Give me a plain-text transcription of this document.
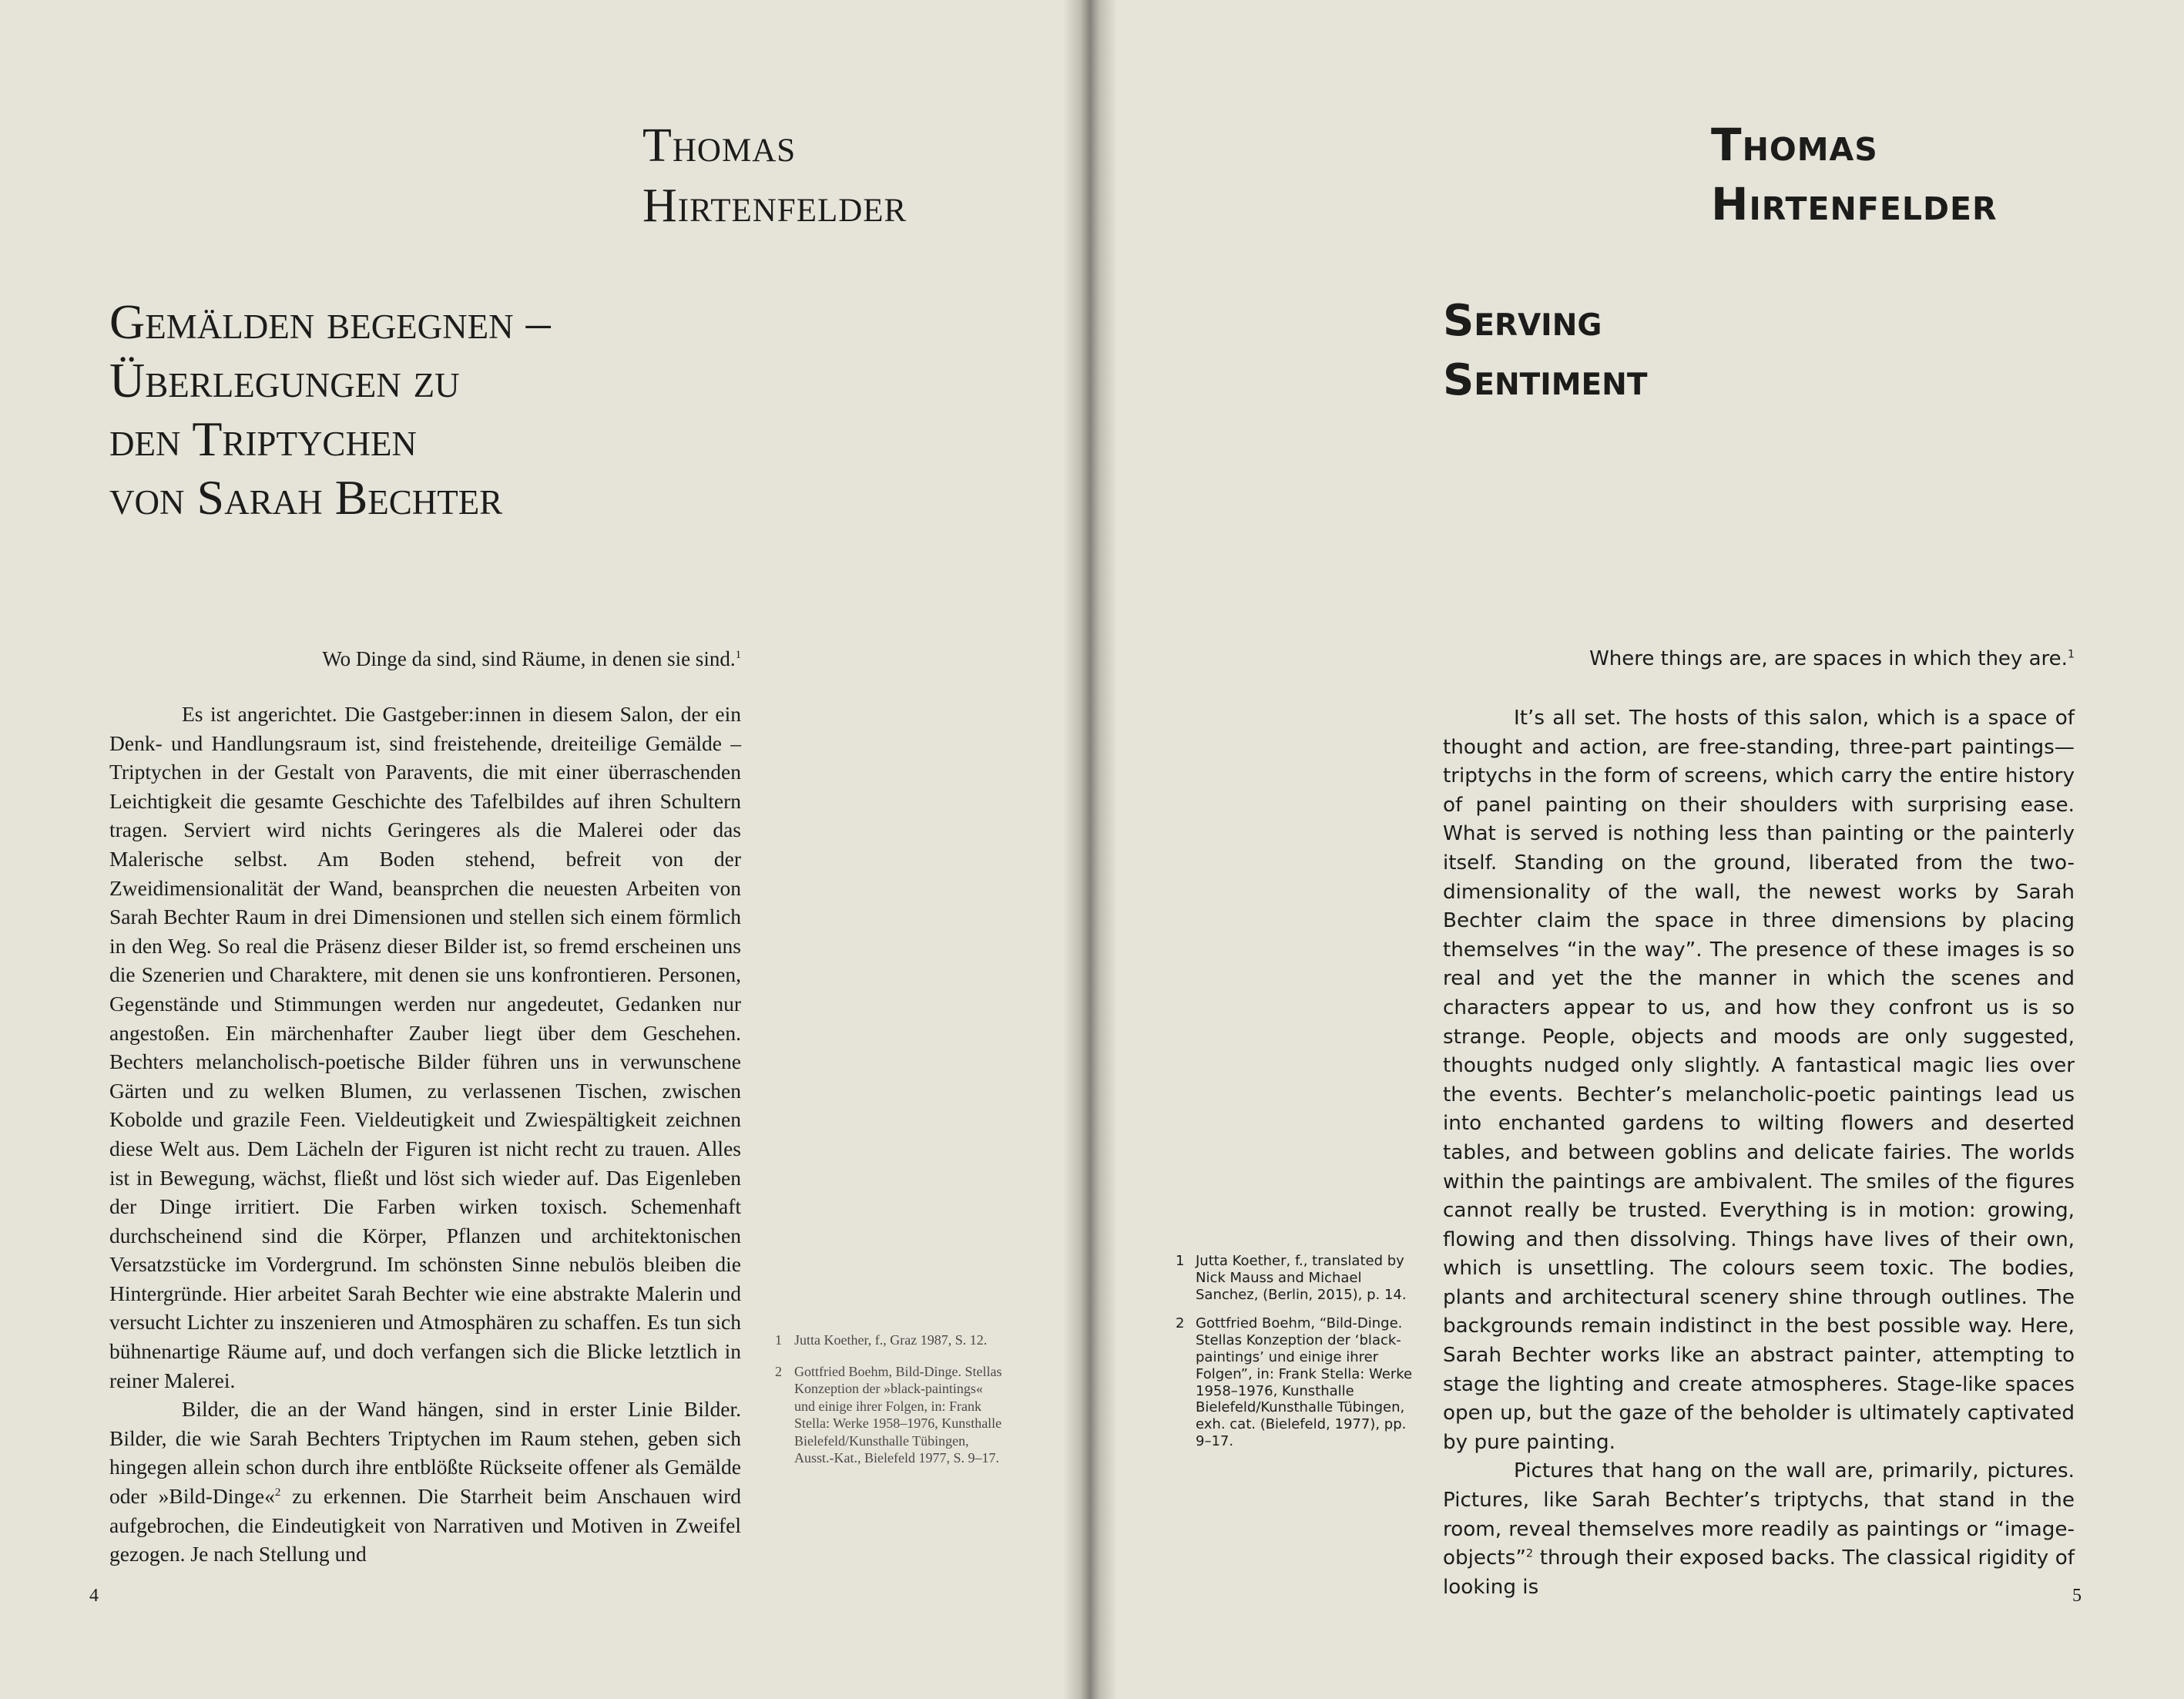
Thomas
Hirtenfelder
Gemälden begegnen –
Überlegungen zu
den Triptychen
von Sarah Bechter
Wo Dinge da sind, sind Räume, in denen sie sind.$^1$

Es ist angerichtet. Die Gastgeber:innen in diesem Salon, der ein Denk- und Handlungsraum ist, sind freistehende, dreiteilige Gemälde – Triptychen in der Gestalt von Paravents, die mit einer überraschenden Leichtigkeit die gesamte Geschichte des Tafelbildes auf ihren Schultern tragen. Serviert wird nichts Geringeres als die Malerei oder das Malerische selbst. Am Boden stehend, befreit von der Zweidimensionalität der Wand, beansprchen die neuesten Arbeiten von Sarah Bechter Raum in drei Dimensionen und stellen sich einem förmlich in den Weg. So real die Präsenz dieser Bilder ist, so fremd erscheinen uns die Szenerien und Charaktere, mit denen sie uns konfrontieren. Personen, Gegenstände und Stimmungen werden nur angedeutet, Gedanken nur angestoßen. Ein märchenhafter Zauber liegt über dem Geschehen. Bechters melancholisch-poetische Bilder führen uns in verwunschene Gärten und zu welken Blumen, zu verlassenen Tischen, zwischen Kobolde und grazile Feen. Vieldeutigkeit und Zwiespältigkeit zeichnen diese Welt aus. Dem Lächeln der Figuren ist nicht recht zu trauen. Alles ist in Bewegung, wächst, fließt und löst sich wieder auf. Das Eigenleben der Dinge irritiert. Die Farben wirken toxisch. Schemenhaft durchscheinend sind die Körper, Pflanzen und architektonischen Versatzstücke im Vordergrund. Im schönsten Sinne nebulös bleiben die Hintergründe. Hier arbeitet Sarah Bechter wie eine abstrakte Malerin und versucht Lichter zu inszenieren und Atmosphären zu schaffen. Es tun sich bühnenartige Räume auf, und doch verfangen sich die Blicke letztlich in reiner Malerei.

Bilder, die an der Wand hängen, sind in erster Linie Bilder. Bilder, die wie Sarah Bechters Triptychen im Raum stehen, geben sich hingegen allein schon durch ihre entblößte Rückseite offener als Gemälde oder »Bild-Dinge«$^2$ zu erkennen. Die Starrheit beim Anschauen wird aufgebrochen, die Eindeutigkeit von Narrativen und Motiven in Zweifel gezogen. Je nach Stellung und

1 Jutta Koether, f., Graz 1987, S. 12.
2 Gottfried Boehm, Bild-Dinge. Stellas Konzeption der »black-paintings« und einige ihrer Folgen, in: Frank Stella: Werke 1958–1976, Kunsthalle Bielefeld/Kunsthalle Tübingen, Ausst.-Kat., Bielefeld 1977, S. 9–17.
4
Thomas
Hirtenfelder
Serving
Sentiment
Where things are, are spaces in which they are.$^1$

It’s all set. The hosts of this salon, which is a space of thought and action, are free-standing, three-part paintings—triptychs in the form of screens, which carry the entire history of panel painting on their shoulders with surprising ease. What is served is nothing less than painting or the painterly itself. Standing on the ground, liberated from the two-dimensionality of the wall, the newest works by Sarah Bechter claim the space in three dimensions by placing themselves “in the way”. The presence of these images is so real and yet the the manner in which the scenes and characters appear to us, and how they confront us is so strange. People, objects and moods are only suggested, thoughts nudged only slightly. A fantastical magic lies over the events. Bechter’s melancholic-poetic paintings lead us into enchanted gardens to wilting flowers and deserted tables, and between goblins and delicate fairies. The worlds within the paintings are ambivalent. The smiles of the figures cannot really be trusted. Everything is in motion: growing, flowing and then dissolving. Things have lives of their own, which is unsettling. The colours seem toxic. The bodies, plants and architectural scenery shine through outlines. The backgrounds remain indistinct in the best possible way. Here, Sarah Bechter works like an abstract painter, attempting to stage the lighting and create atmospheres. Stage-like spaces open up, but the gaze of the beholder is ultimately captivated by pure painting.

Pictures that hang on the wall are, primarily, pictures. Pictures, like Sarah Bechter’s triptychs, that stand in the room, reveal themselves more readily as paintings or “image-objects”$^2$ through their exposed backs. The classical rigidity of looking is

1 Jutta Koether, f., translated by Nick Mauss and Michael Sanchez, (Berlin, 2015), p. 14.
2 Gottfried Boehm, “Bild-Dinge. Stellas Konzeption der ‘black-paintings’ und einige ihrer Folgen”, in: Frank Stella: Werke 1958–1976, Kunsthalle Bielefeld/Kunsthalle Tübingen, exh. cat. (Bielefeld, 1977), pp. 9–17.
5
